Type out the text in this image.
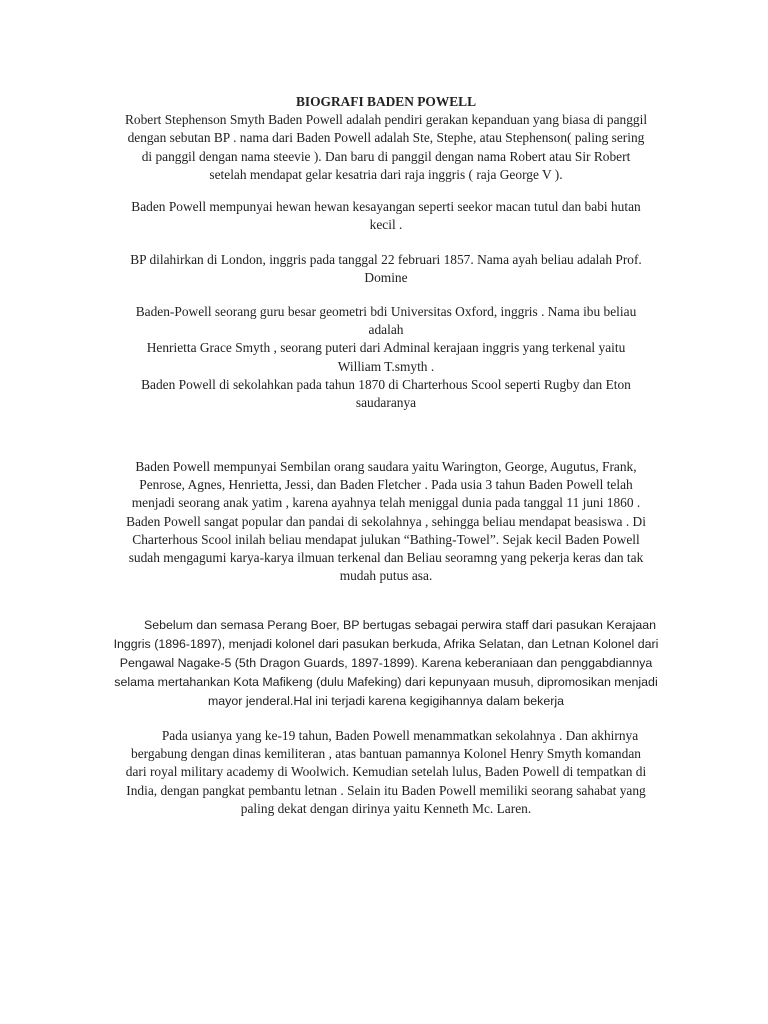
BIOGRAFI BADEN POWELL
Robert Stephenson Smyth Baden Powell adalah pendiri gerakan kepanduan yang biasa di panggil
dengan sebutan BP . nama dari Baden Powell adalah Ste, Stephe, atau Stephenson( paling sering
di panggil dengan nama steevie ). Dan baru di panggil dengan nama Robert atau Sir Robert
setelah mendapat gelar kesatria dari raja inggris ( raja George V ).
Baden Powell mempunyai hewan hewan kesayangan seperti seekor macan tutul dan babi hutan
kecil .
BP dilahirkan di London, inggris pada tanggal 22 februari 1857. Nama ayah beliau adalah Prof.
Domine
Baden-Powell seorang guru besar geometri bdi Universitas Oxford, inggris . Nama ibu beliau
adalah
Henrietta Grace Smyth , seorang puteri dari Adminal kerajaan inggris yang terkenal yaitu
William T.smyth .
Baden Powell di sekolahkan pada tahun 1870 di Charterhous Scool seperti Rugby dan Eton
saudaranya
Baden Powell mempunyai Sembilan orang saudara yaitu Warington, George, Augutus, Frank,
Penrose, Agnes, Henrietta, Jessi, dan Baden Fletcher . Pada usia 3 tahun Baden Powell telah
menjadi seorang anak yatim , karena ayahnya telah meniggal dunia pada tanggal 11 juni 1860 .
Baden Powell sangat popular dan pandai di sekolahnya , sehingga beliau mendapat beasiswa . Di
Charterhous Scool inilah beliau mendapat julukan “Bathing-Towel”. Sejak kecil Baden Powell
sudah mengagumi karya-karya ilmuan terkenal dan Beliau seoramng yang pekerja keras dan tak
mudah putus asa.
Sebelum dan semasa Perang Boer, BP bertugas sebagai perwira staff dari pasukan Kerajaan
Inggris (1896-1897), menjadi kolonel dari pasukan berkuda, Afrika Selatan, dan Letnan Kolonel dari
Pengawal Nagake-5 (5th Dragon Guards, 1897-1899). Karena keberaniaan dan penggabdiannya
selama mertahankan Kota Mafikeng (dulu Mafeking) dari kepunyaan musuh, dipromosikan menjadi
mayor jenderal.Hal ini terjadi karena kegigihannya dalam bekerja
Pada usianya yang ke-19 tahun, Baden Powell menammatkan sekolahnya . Dan akhirnya
bergabung dengan dinas kemiliteran , atas bantuan pamannya Kolonel Henry Smyth komandan
dari royal military academy di Woolwich. Kemudian setelah lulus, Baden Powell di tempatkan di
India, dengan pangkat pembantu letnan . Selain itu Baden Powell memiliki seorang sahabat yang
paling dekat dengan dirinya yaitu Kenneth Mc. Laren.
